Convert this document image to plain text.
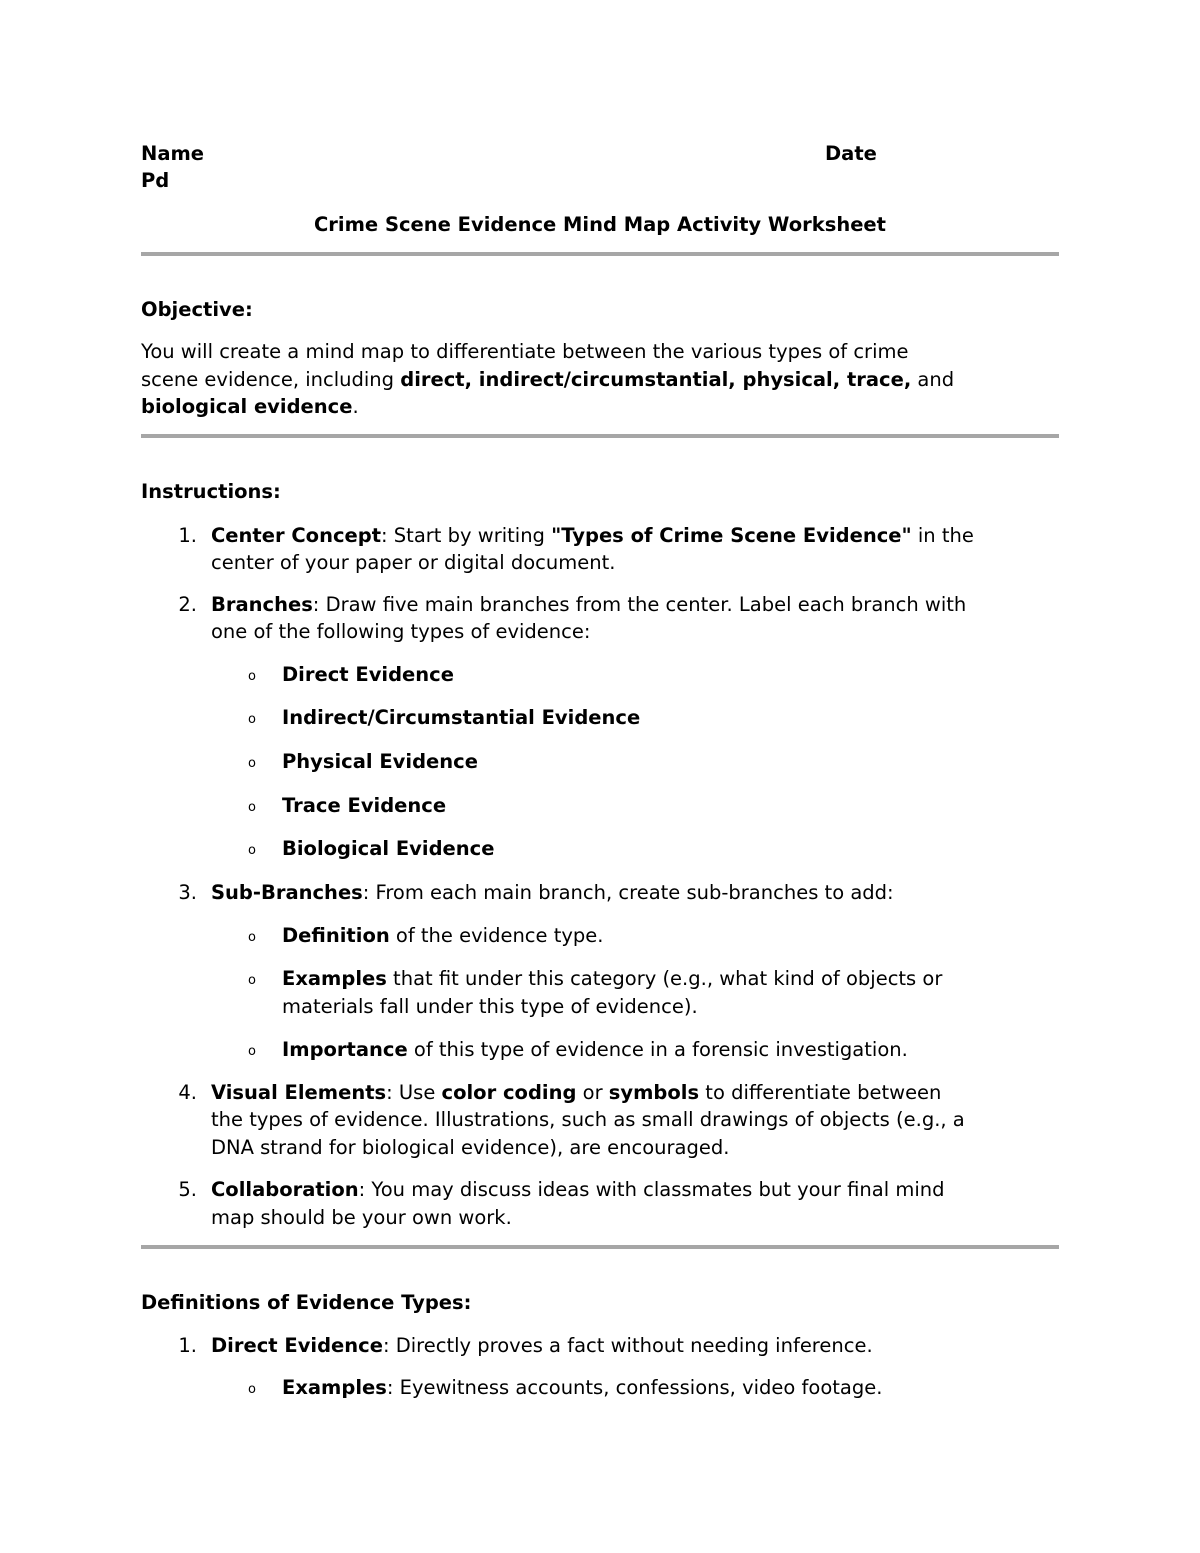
Name	Date
Pd
Crime Scene Evidence Mind Map Activity Worksheet
Objective:
You will create a mind map to differentiate between the various types of crime
scene evidence, including direct, indirect/circumstantial, physical, trace, and
biological evidence.
Instructions:
1. Center Concept: Start by writing "Types of Crime Scene Evidence" in the
center of your paper or digital document.
2. Branches: Draw five main branches from the center. Label each branch with
one of the following types of evidence:
o Direct Evidence
o Indirect/Circumstantial Evidence
o Physical Evidence
o Trace Evidence
o Biological Evidence
3. Sub-Branches: From each main branch, create sub-branches to add:
o Definition of the evidence type.
o Examples that fit under this category (e.g., what kind of objects or
materials fall under this type of evidence).
o Importance of this type of evidence in a forensic investigation.
4. Visual Elements: Use color coding or symbols to differentiate between
the types of evidence. Illustrations, such as small drawings of objects (e.g., a
DNA strand for biological evidence), are encouraged.
5. Collaboration: You may discuss ideas with classmates but your final mind
map should be your own work.
Definitions of Evidence Types:
1. Direct Evidence: Directly proves a fact without needing inference.
o Examples: Eyewitness accounts, confessions, video footage.
